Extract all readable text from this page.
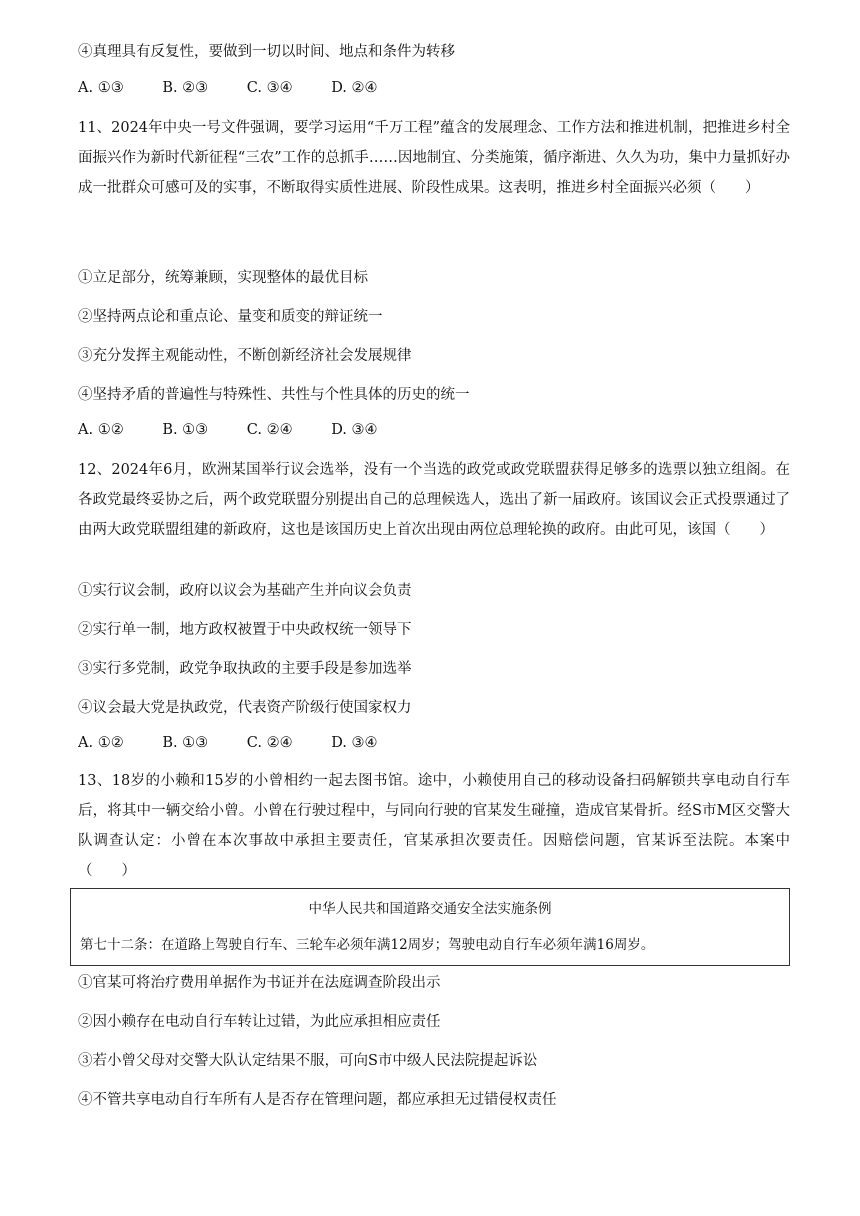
④真理具有反复性，要做到一切以时间、地点和条件为转移
A. ①③	B. ②③	C. ③④	D. ②④
11、2024年中央一号文件强调，要学习运用“千万工程”蕴含的发展理念、工作方法和推进机制，把推进乡村全面振兴作为新时代新征程“三农”工作的总抓手……因地制宜、分类施策，循序渐进、久久为功，集中力量抓好办成一批群众可感可及的实事，不断取得实质性进展、阶段性成果。这表明，推进乡村全面振兴必须（　　）
①立足部分，统筹兼顾，实现整体的最优目标
②坚持两点论和重点论、量变和质变的辩证统一
③充分发挥主观能动性，不断创新经济社会发展规律
④坚持矛盾的普遍性与特殊性、共性与个性具体的历史的统一
A. ①②	B. ①③	C. ②④	D. ③④
12、2024年6月，欧洲某国举行议会选举，没有一个当选的政党或政党联盟获得足够多的选票以独立组阁。在各政党最终妥协之后，两个政党联盟分别提出自己的总理候选人，选出了新一届政府。该国议会正式投票通过了由两大政党联盟组建的新政府，这也是该国历史上首次出现由两位总理轮换的政府。由此可见，该国（　　）
①实行议会制，政府以议会为基础产生并向议会负责
②实行单一制，地方政权被置于中央政权统一领导下
③实行多党制，政党争取执政的主要手段是参加选举
④议会最大党是执政党，代表资产阶级行使国家权力
A. ①②	B. ①③	C. ②④	D. ③④
13、18岁的小赖和15岁的小曾相约一起去图书馆。途中，小赖使用自己的移动设备扫码解锁共享电动自行车后，将其中一辆交给小曾。小曾在行驶过程中，与同向行驶的官某发生碰撞，造成官某骨折。经S市M区交警大队调查认定：小曾在本次事故中承担主要责任，官某承担次要责任。因赔偿问题，官某诉至法院。本案中（　　）
中华人民共和国道路交通安全法实施条例
第七十二条：在道路上驾驶自行车、三轮车必须年满12周岁；驾驶电动自行车必须年满16周岁。
①官某可将治疗费用单据作为书证并在法庭调查阶段出示
②因小赖存在电动自行车转让过错，为此应承担相应责任
③若小曾父母对交警大队认定结果不服，可向S市中级人民法院提起诉讼
④不管共享电动自行车所有人是否存在管理问题，都应承担无过错侵权责任
